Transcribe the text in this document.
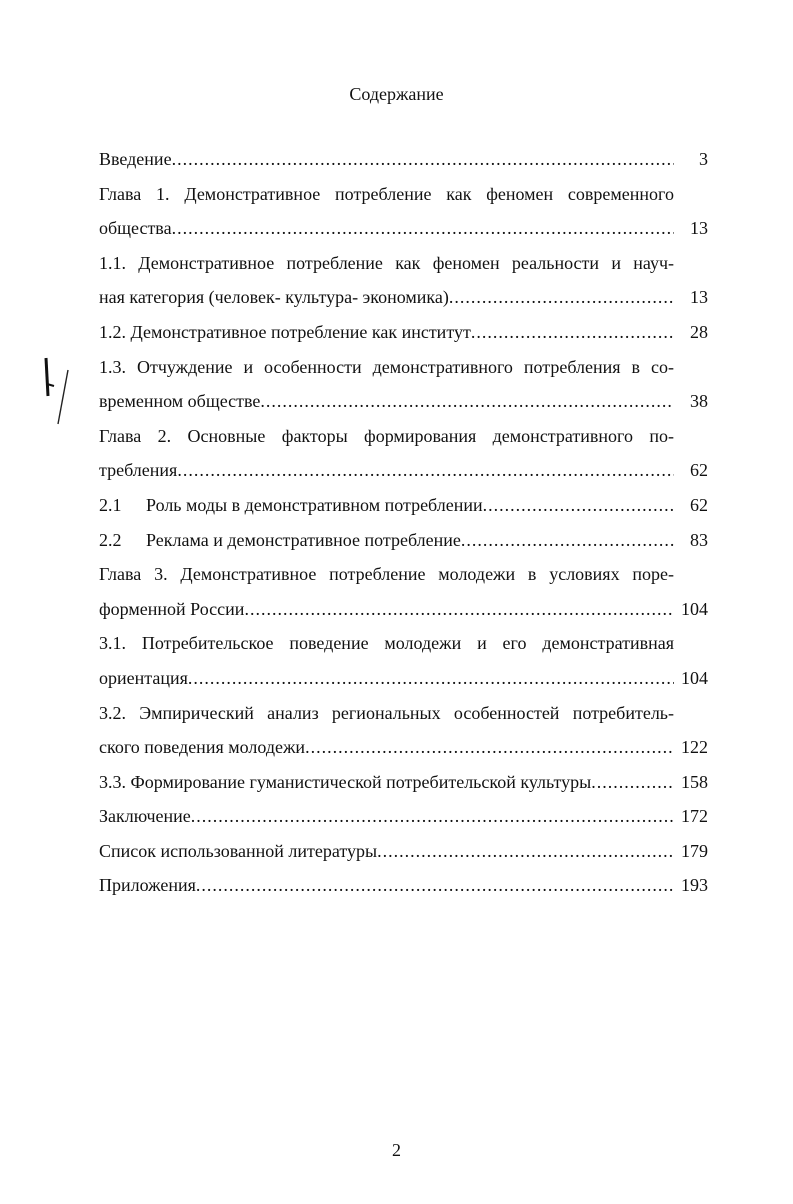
Содержание
Введение .....	3
Глава 1. Демонстративное потребление как феномен современного
общества .....	13
1.1. Демонстративное потребление как феномен реальности и науч-
ная категория (человек- культура- экономика) .....	13
1.2. Демонстративное потребление как институт .....	28
1.3. Отчуждение и особенности демонстративного потребления в со-
временном обществе .....	38
Глава 2. Основные факторы формирования демонстративного по-
требления .....	62
2.1	Роль моды в демонстративном потреблении .....	62
2.2	Реклама и демонстративное потребление .....	83
Глава 3. Демонстративное потребление молодежи в условиях поре-
форменной России .....	104
3.1. Потребительское поведение молодежи и его демонстративная
ориентация .....	104
3.2. Эмпирический анализ региональных особенностей потребитель-
ского поведения молодежи .....	122
3.3. Формирование гуманистической потребительской культуры .....	158
Заключение .....	172
Список использованной литературы .....	179
Приложения .....	193
2
